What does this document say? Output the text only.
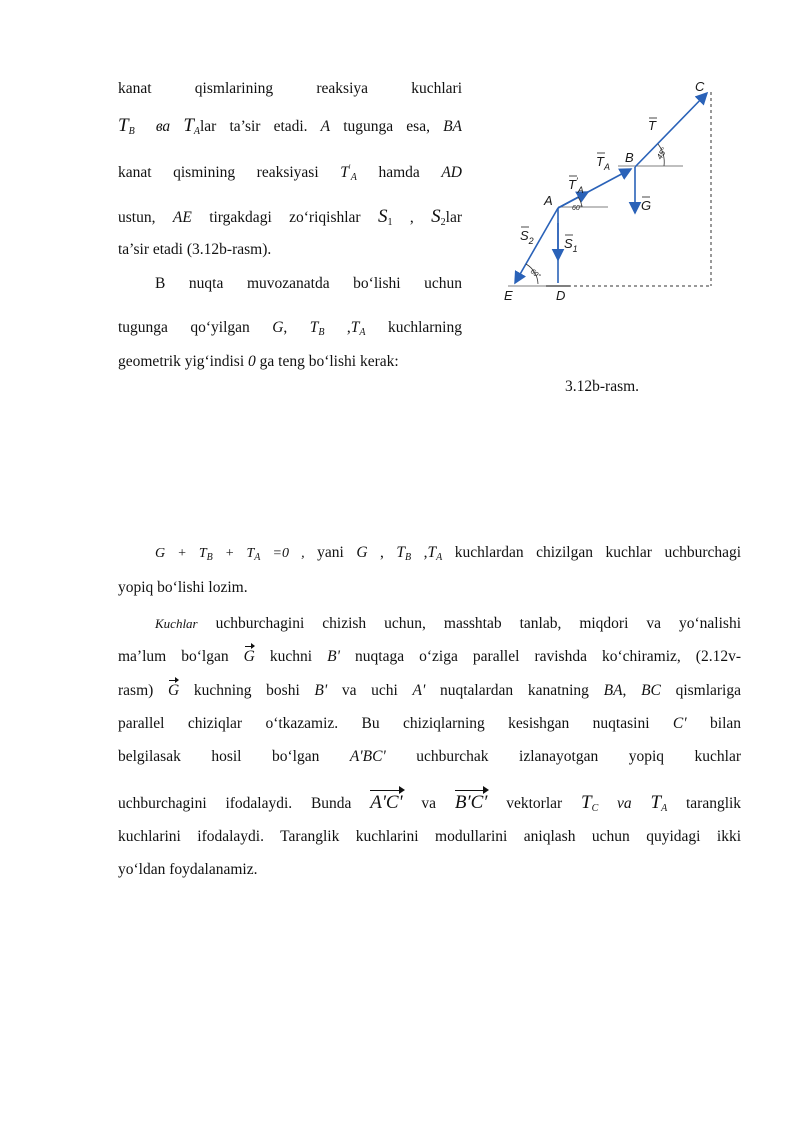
kanat	qismlarining	reaksiya	kuchlari
$T_B$ ва $T_Alar$ ta’sir etadi. A tugunga esa, BA
kanat qismining reaksiyasi $T'_A$ hamda AD
ustun, AE tirgakdagi zo‘riqishlar $S_1$ , $S_2lar$
ta’sir etadi (3.12b-rasm).
B nuqta muvozanatda bo‘lishi uchun
tugunga qo‘yilgan G, $T_B$ $,T_A$ kuchlarning
geometrik yig‘indisi 0 ga teng bo‘lishi kerak:
C
T
B
$T_A$
$T'_A$
A	G
$S_1$
$S_2$
E	D
45°
60°
60°
3.12b-rasm.
$G + T_B + T_A =0$ , yani G , $T_B$ $,T_A$ kuchlardan chizilgan kuchlar uchburchagi
yopiq bo‘lishi lozim.
Kuchlar uchburchagini chizish uchun, masshtab tanlab, miqdori va yo‘nalishi
ma’lum bo‘lgan G kuchni B' nuqtaga o‘ziga parallel ravishda ko‘chiramiz, (2.12v-
rasm) G kuchning boshi B' va uchi A' nuqtalardan kanatning BA, BC qismlariga
parallel chiziqlar o‘tkazamiz. Bu chiziqlarning kesishgan nuqtasini C′ bilan
belgilasak hosil bo‘lgan A'BC' uchburchak izlanayotgan yopiq kuchlar
uchburchagini ifodalaydi. Bunda A'C' va B′C′ vektorlar $T_C$ va $T_A$ taranglik
kuchlarini ifodalaydi. Taranglik kuchlarini modullarini aniqlash uchun quyidagi ikki
yo‘ldan foydalanamiz.
